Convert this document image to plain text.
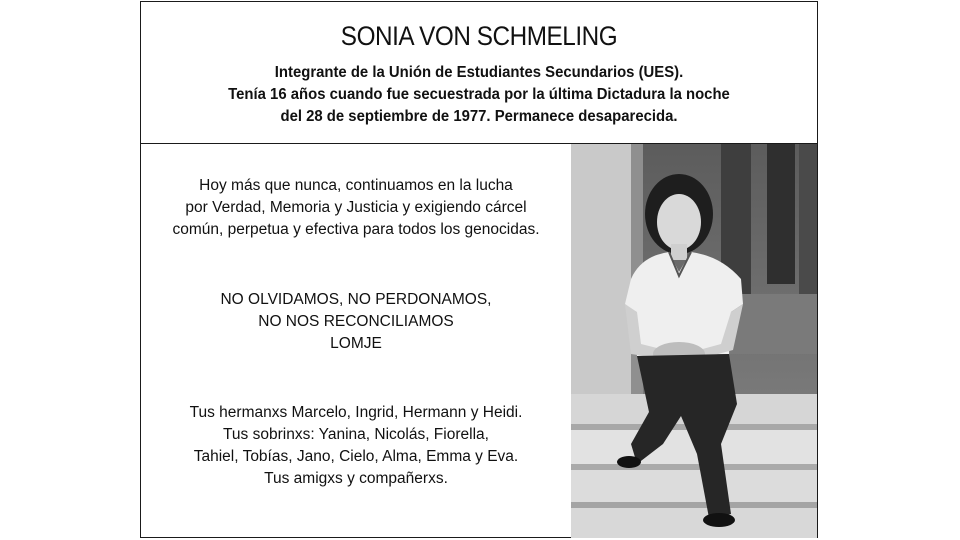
SONIA VON SCHMELING
Integrante de la Unión de Estudiantes Secundarios (UES).
Tenía 16 años cuando fue secuestrada por la última Dictadura la noche
del 28 de septiembre de 1977. Permanece desaparecida.
Hoy más que nunca, continuamos en la lucha
por Verdad, Memoria y Justicia y exigiendo cárcel
común, perpetua y efectiva para todos los genocidas.
NO OLVIDAMOS, NO PERDONAMOS,
NO NOS RECONCILIAMOS
LOMJE
Tus hermanxs Marcelo, Ingrid, Hermann y Heidi.
Tus sobrinxs: Yanina, Nicolás, Fiorella,
Tahiel, Tobías, Jano, Cielo, Alma, Emma y Eva.
Tus amigxs y compañerxs.
